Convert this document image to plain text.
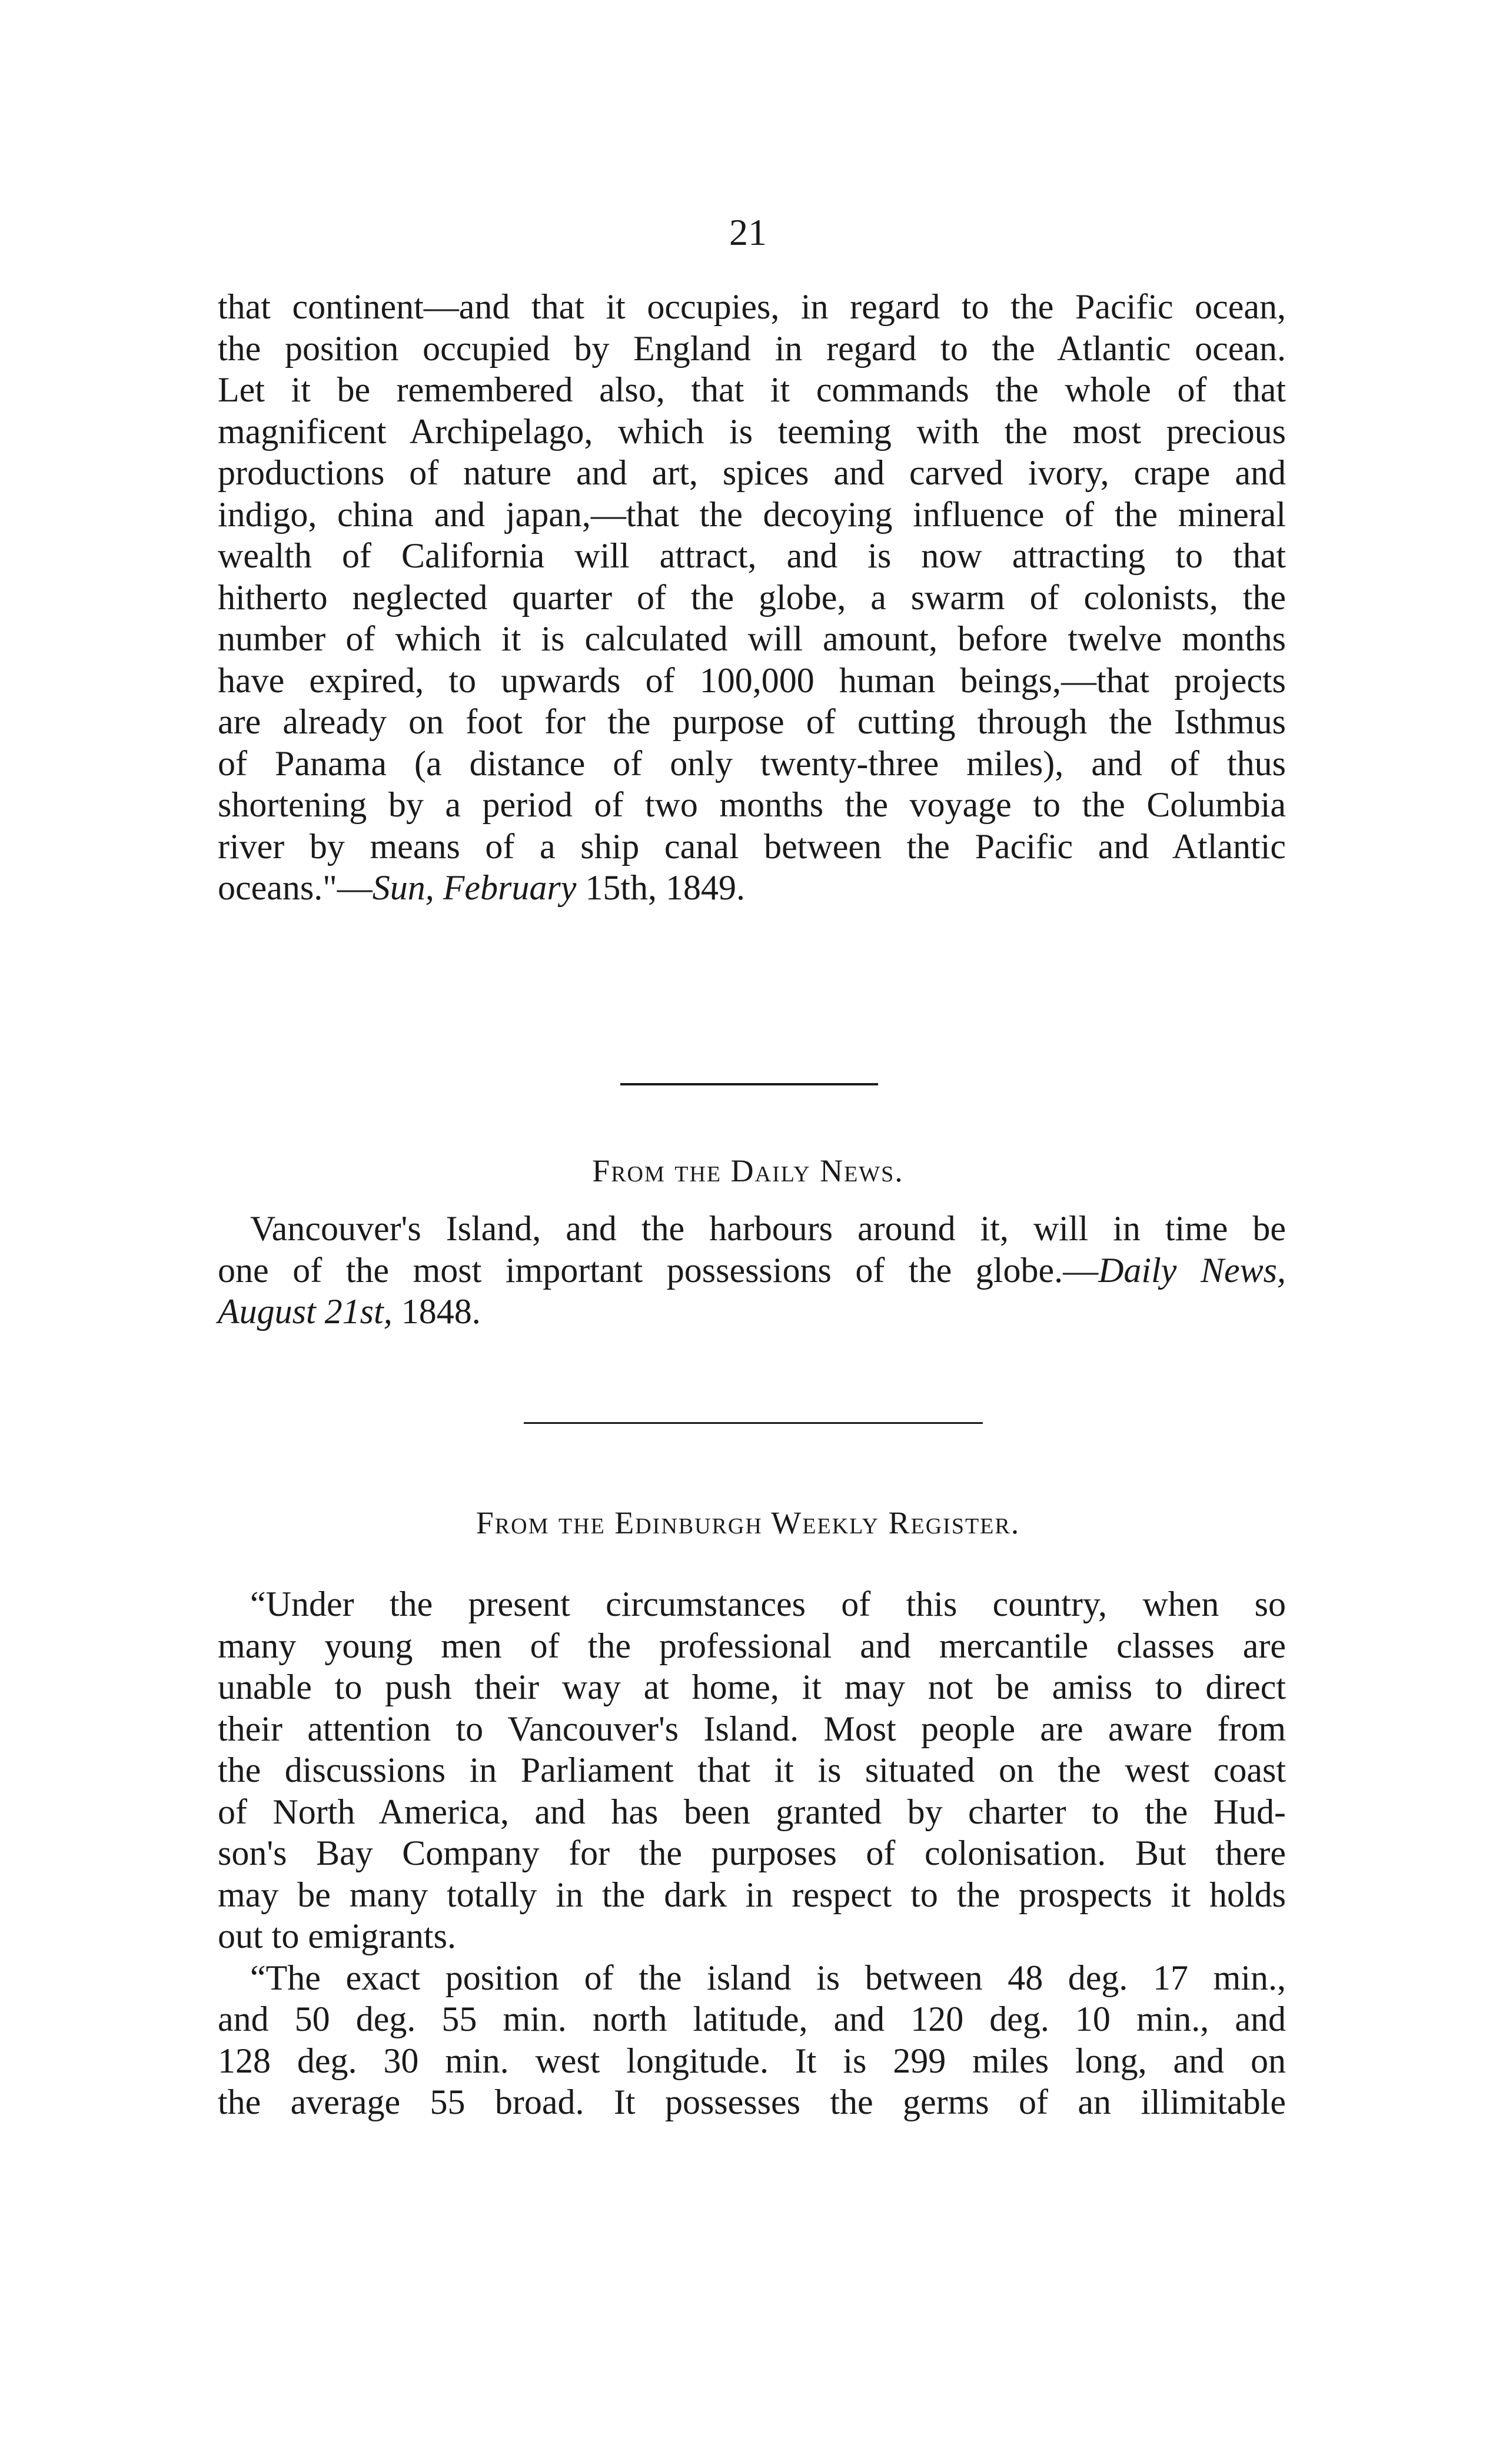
21
that continent—and that it occupies, in regard to the Pacific ocean,
the position occupied by England in regard to the Atlantic ocean.
Let it be remembered also, that it commands the whole of that
magnificent Archipelago, which is teeming with the most precious
productions of nature and art, spices and carved ivory, crape and
indigo, china and japan,—that the decoying influence of the mineral
wealth of California will attract, and is now attracting to that
hitherto neglected quarter of the globe, a swarm of colonists, the
number of which it is calculated will amount, before twelve months
have expired, to upwards of 100,000 human beings,—that projects
are already on foot for the purpose of cutting through the Isthmus
of Panama (a distance of only twenty-three miles), and of thus
shortening by a period of two months the voyage to the Columbia
river by means of a ship canal between the Pacific and Atlantic
oceans."—Sun, February 15th, 1849.
From the Daily News.
Vancouver's Island, and the harbours around it, will in time be
one of the most important possessions of the globe.—Daily News,
August 21st, 1848.
From the Edinburgh Weekly Register.
“Under the present circumstances of this country, when so
many young men of the professional and mercantile classes are
unable to push their way at home, it may not be amiss to direct
their attention to Vancouver's Island. Most people are aware from
the discussions in Parliament that it is situated on the west coast
of North America, and has been granted by charter to the Hud-
son's Bay Company for the purposes of colonisation. But there
may be many totally in the dark in respect to the prospects it holds
out to emigrants.
“The exact position of the island is between 48 deg. 17 min.,
and 50 deg. 55 min. north latitude, and 120 deg. 10 min., and
128 deg. 30 min. west longitude. It is 299 miles long, and on
the average 55 broad. It possesses the germs of an illimitable
